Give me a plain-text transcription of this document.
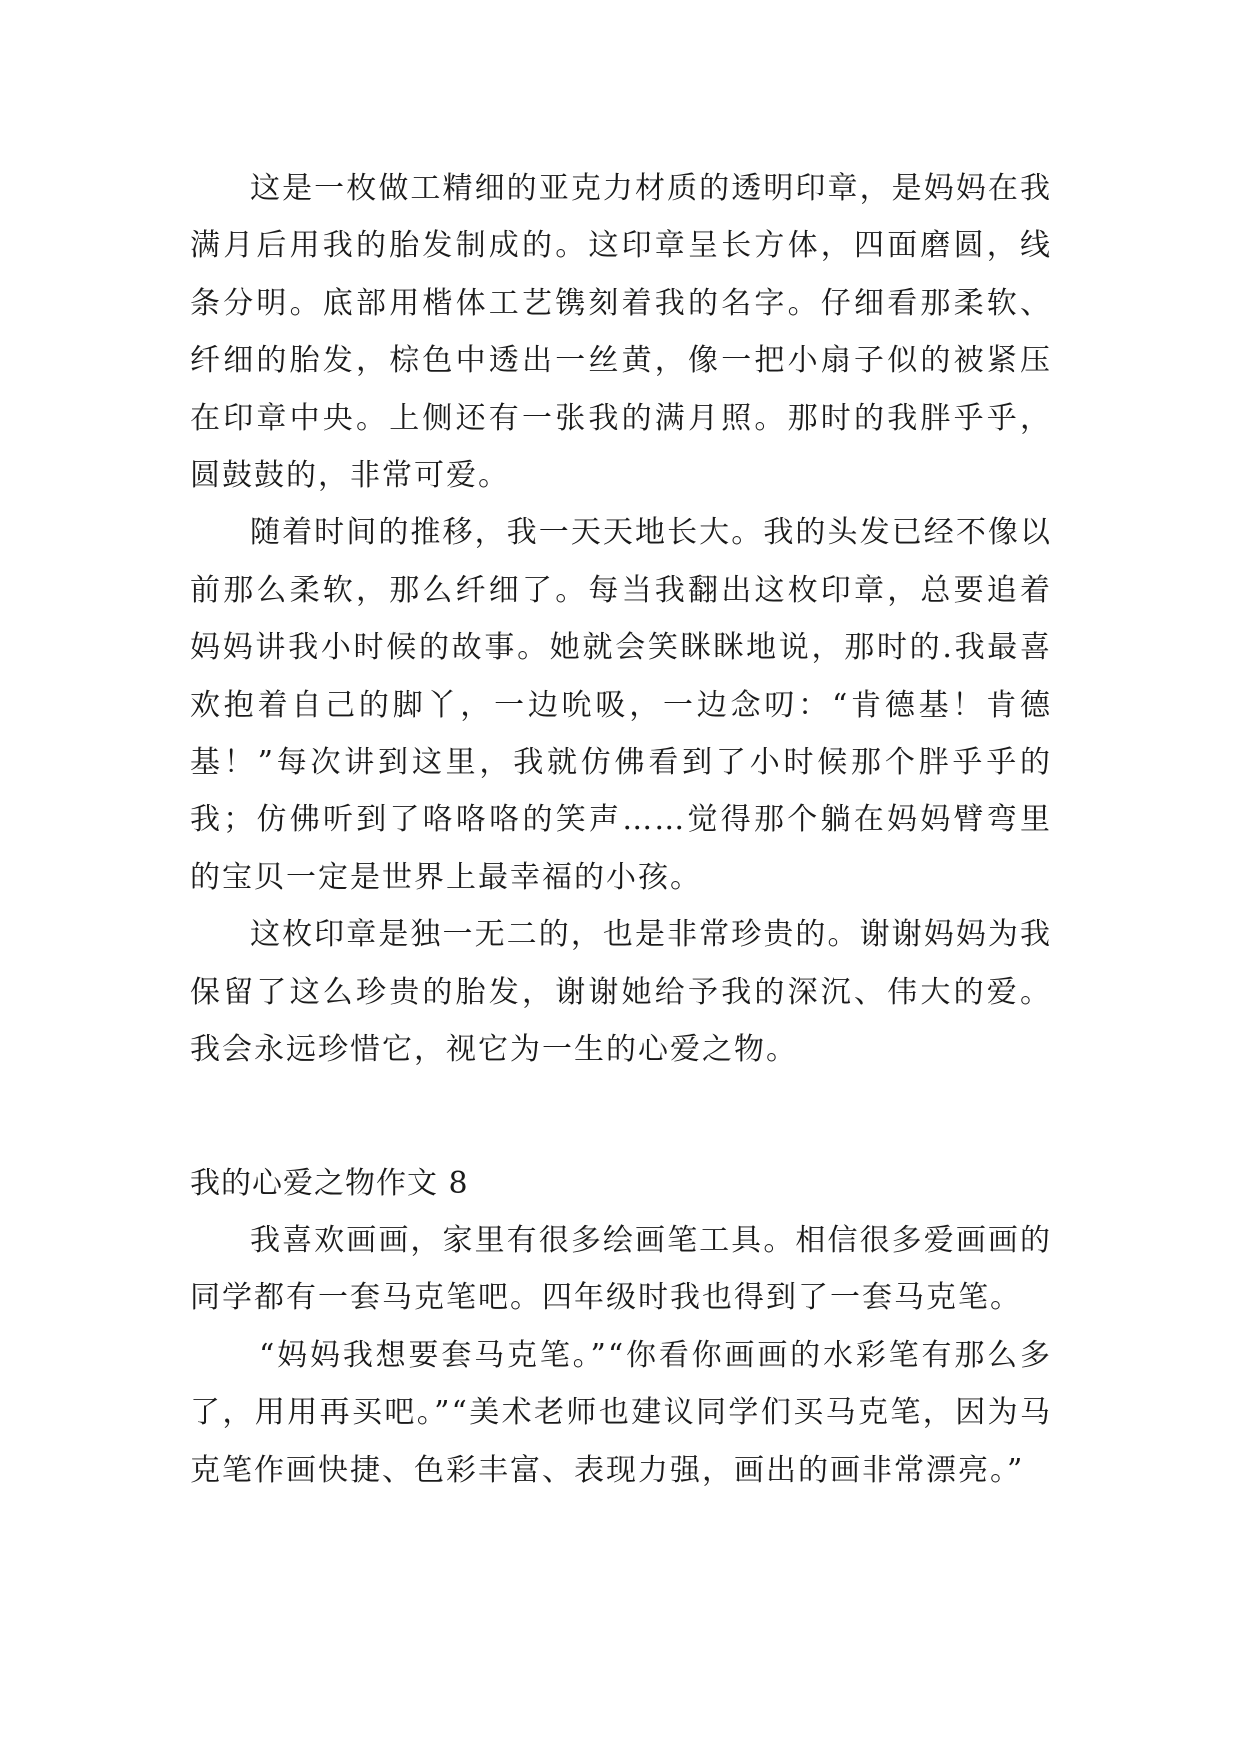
这是一枚做工精细的亚克力材质的透明印章，是妈妈在我满月后用我的胎发制成的。这印章呈长方体，四面磨圆，线条分明。底部用楷体工艺镌刻着我的名字。仔细看那柔软、纤细的胎发，棕色中透出一丝黄，像一把小扇子似的被紧压在印章中央。上侧还有一张我的满月照。那时的我胖乎乎，圆鼓鼓的，非常可爱。

随着时间的推移，我一天天地长大。我的头发已经不像以前那么柔软，那么纤细了。每当我翻出这枚印章，总要追着妈妈讲我小时候的故事。她就会笑眯眯地说，那时的.我最喜欢抱着自己的脚丫，一边吮吸，一边念叨：“肯德基！肯德基！”每次讲到这里，我就仿佛看到了小时候那个胖乎乎的我；仿佛听到了咯咯咯的笑声……觉得那个躺在妈妈臂弯里的宝贝一定是世界上最幸福的小孩。

这枚印章是独一无二的，也是非常珍贵的。谢谢妈妈为我保留了这么珍贵的胎发，谢谢她给予我的深沉、伟大的爱。我会永远珍惜它，视它为一生的心爱之物。

我的心爱之物作文 8

我喜欢画画，家里有很多绘画笔工具。相信很多爱画画的同学都有一套马克笔吧。四年级时我也得到了一套马克笔。

“妈妈我想要套马克笔。”“你看你画画的水彩笔有那么多了，用用再买吧。”“美术老师也建议同学们买马克笔，因为马克笔作画快捷、色彩丰富、表现力强，画出的画非常漂亮。”
